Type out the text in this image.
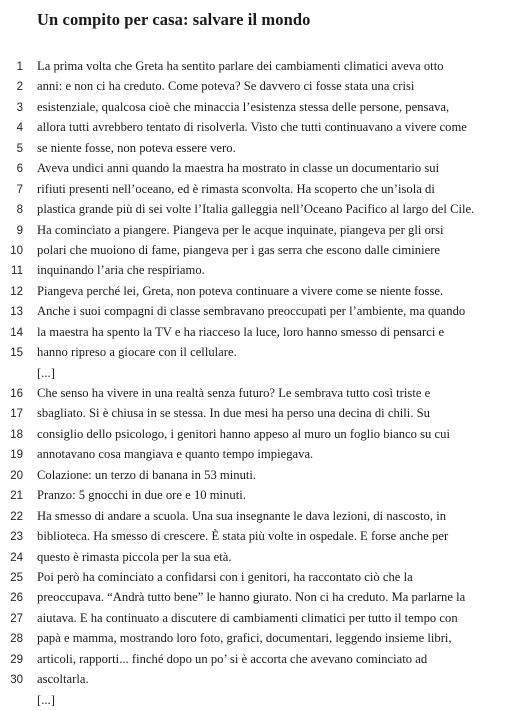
Un compito per casa: salvare il mondo
1 La prima volta che Greta ha sentito parlare dei cambiamenti climatici aveva otto
2 anni: e non ci ha creduto. Come poteva? Se davvero ci fosse stata una crisi
3 esistenziale, qualcosa cioè che minaccia l’esistenza stessa delle persone, pensava,
4 allora tutti avrebbero tentato di risolverla. Visto che tutti continuavano a vivere come
5 se niente fosse, non poteva essere vero.
6 Aveva undici anni quando la maestra ha mostrato in classe un documentario sui
7 rifiuti presenti nell’oceano, ed è rimasta sconvolta. Ha scoperto che un’isola di
8 plastica grande più di sei volte l’Italia galleggia nell’Oceano Pacifico al largo del Cile.
9 Ha cominciato a piangere. Piangeva per le acque inquinate, piangeva per gli orsi
10 polari che muoiono di fame, piangeva per i gas serra che escono dalle ciminiere
11 inquinando l’aria che respiriamo.
12 Piangeva perché lei, Greta, non poteva continuare a vivere come se niente fosse.
13 Anche i suoi compagni di classe sembravano preoccupati per l’ambiente, ma quando
14 la maestra ha spento la TV e ha riacceso la luce, loro hanno smesso di pensarci e
15 hanno ripreso a giocare con il cellulare.
[...]
16 Che senso ha vivere in una realtà senza futuro? Le sembrava tutto così triste e
17 sbagliato. Si è chiusa in se stessa. In due mesi ha perso una decina di chili. Su
18 consiglio dello psicologo, i genitori hanno appeso al muro un foglio bianco su cui
19 annotavano cosa mangiava e quanto tempo impiegava.
20 Colazione: un terzo di banana in 53 minuti.
21 Pranzo: 5 gnocchi in due ore e 10 minuti.
22 Ha smesso di andare a scuola. Una sua insegnante le dava lezioni, di nascosto, in
23 biblioteca. Ha smesso di crescere. È stata più volte in ospedale. E forse anche per
24 questo è rimasta piccola per la sua età.
25 Poi però ha cominciato a confidarsi con i genitori, ha raccontato ciò che la
26 preoccupava. “Andrà tutto bene” le hanno giurato. Non ci ha creduto. Ma parlarne la
27 aiutava. E ha continuato a discutere di cambiamenti climatici per tutto il tempo con
28 papà e mamma, mostrando loro foto, grafici, documentari, leggendo insieme libri,
29 articoli, rapporti... finché dopo un po’ si è accorta che avevano cominciato ad
30 ascoltarla.
[...]
